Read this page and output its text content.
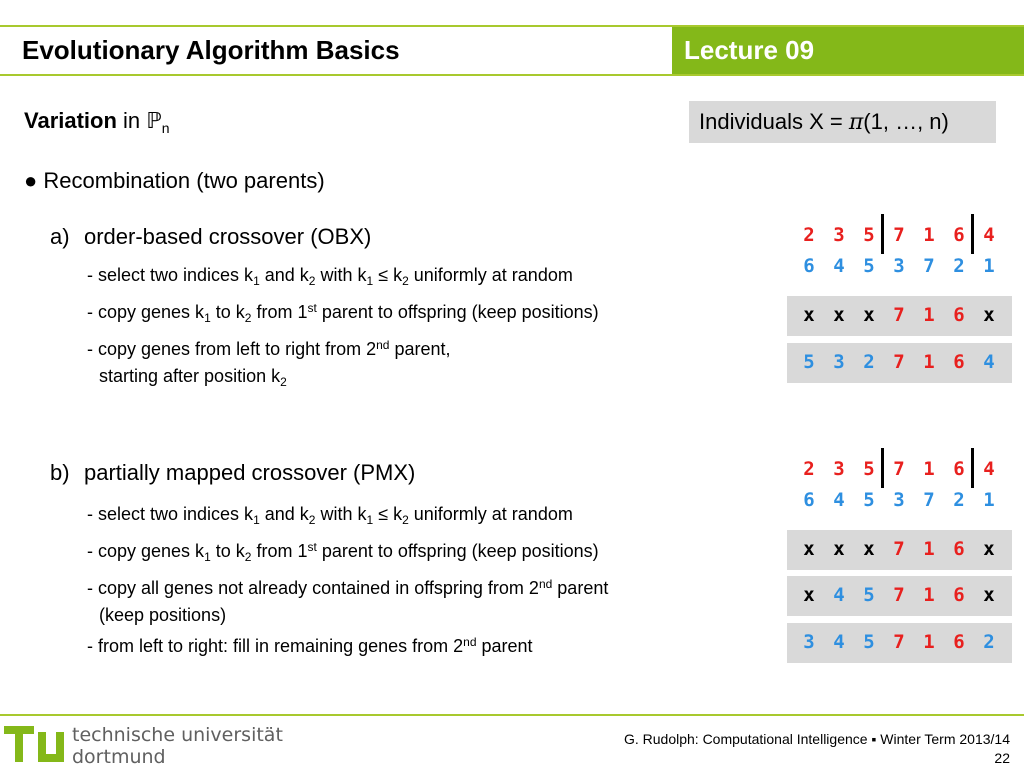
Evolutionary Algorithm Basics	Lecture 09
Variation in ℙ$_n$	Individuals X = π(1, …, n)
● Recombination (two parents)
a) order-based crossover (OBX)
- select two indices $k_1$ and $k_2$ with $k_1 \le k_2$ uniformly at random
- copy genes $k_1$ to $k_2$ from 1st parent to offspring (keep positions)
- copy genes from left to right from 2nd parent,
starting after position $k_2$
2 3 5 7 1 6 4
6 4 5 3 7 2 1
x x x 7 1 6 x
5 3 2 7 1 6 4
b) partially mapped crossover (PMX)
- select two indices $k_1$ and $k_2$ with $k_1 \le k_2$ uniformly at random
- copy genes $k_1$ to $k_2$ from 1st parent to offspring (keep positions)
- copy all genes not already contained in offspring from 2nd parent
(keep positions)
- from left to right: fill in remaining genes from 2nd parent
2 3 5 7 1 6 4
6 4 5 3 7 2 1
x x x 7 1 6 x
x 4 5 7 1 6 x
3 4 5 7 1 6 2
technische universität
dortmund
G. Rudolph: Computational Intelligence ▪ Winter Term 2013/14
22
